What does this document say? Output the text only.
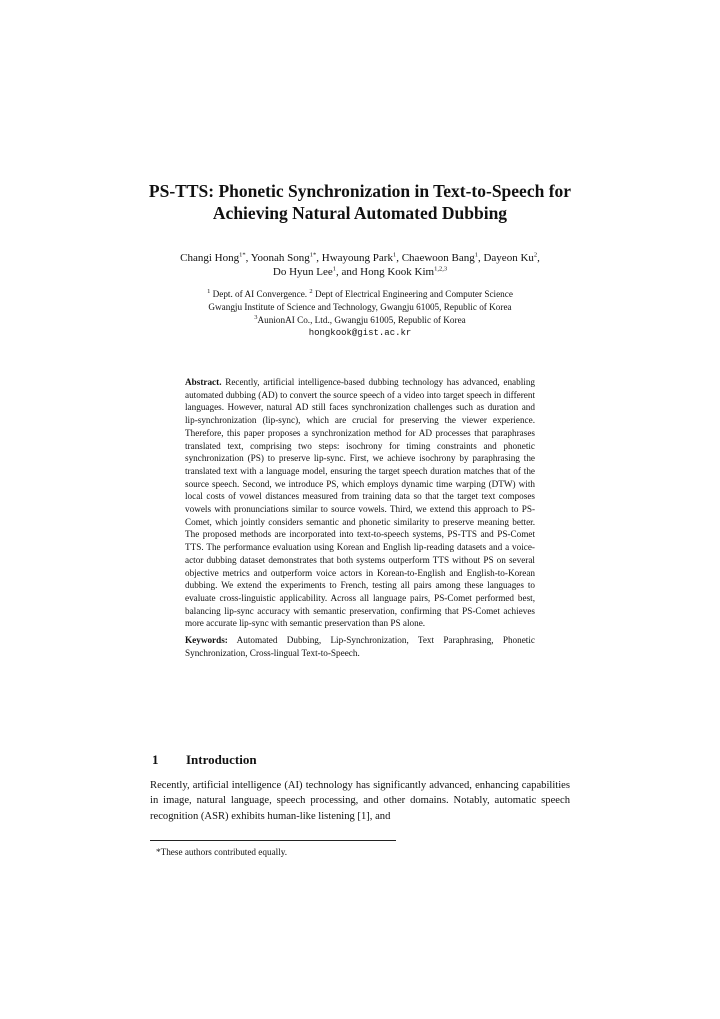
PS-TTS: Phonetic Synchronization in Text-to-Speech for
Achieving Natural Automated Dubbing
Changi Hong$^{1*}$, Yoonah Song$^{1*}$, Hwayoung Park$^1$, Chaewoon Bang$^1$, Dayeon Ku$^2$,
Do Hyun Lee$^1$, and Hong Kook Kim$^{1,2,3}$
$^1$ Dept. of AI Convergence. $^2$ Dept of Electrical Engineering and Computer Science
Gwangju Institute of Science and Technology, Gwangju 61005, Republic of Korea
$^3$AunionAI Co., Ltd., Gwangju 61005, Republic of Korea
hongkook@gist.ac.kr

Abstract. Recently, artificial intelligence-based dubbing technology has advanced, enabling automated dubbing (AD) to convert the source speech of a video into target speech in different languages. However, natural AD still faces synchronization challenges such as duration and lip-synchronization (lip-sync), which are crucial for preserving the viewer experience. Therefore, this paper proposes a synchronization method for AD processes that paraphrases translated text, comprising two steps: isochrony for timing constraints and phonetic synchronization (PS) to preserve lip-sync. First, we achieve isochrony by paraphrasing the translated text with a language model, ensuring the target speech duration matches that of the source speech. Second, we introduce PS, which employs dynamic time warping (DTW) with local costs of vowel distances measured from training data so that the target text composes vowels with pronunciations similar to source vowels. Third, we extend this approach to PS-Comet, which jointly considers semantic and phonetic similarity to preserve meaning better. The proposed methods are incorporated into text-to-speech systems, PS-TTS and PS-Comet TTS. The performance evaluation using Korean and English lip-reading datasets and a voice-actor dubbing dataset demonstrates that both systems outperform TTS without PS on several objective metrics and outperform voice actors in Korean-to-English and English-to-Korean dubbing. We extend the experiments to French, testing all pairs among these languages to evaluate cross-linguistic applicability. Across all language pairs, PS-Comet performed best, balancing lip-sync accuracy with semantic preservation, confirming that PS-Comet achieves more accurate lip-sync with semantic preservation than PS alone.

Keywords: Automated Dubbing, Lip-Synchronization, Text Paraphrasing, Phonetic Synchronization, Cross-lingual Text-to-Speech.

1 Introduction

Recently, artificial intelligence (AI) technology has significantly advanced, enhancing capabilities in image, natural language, speech processing, and other domains. Notably, automatic speech recognition (ASR) exhibits human-like listening [1], and

*These authors contributed equally.
